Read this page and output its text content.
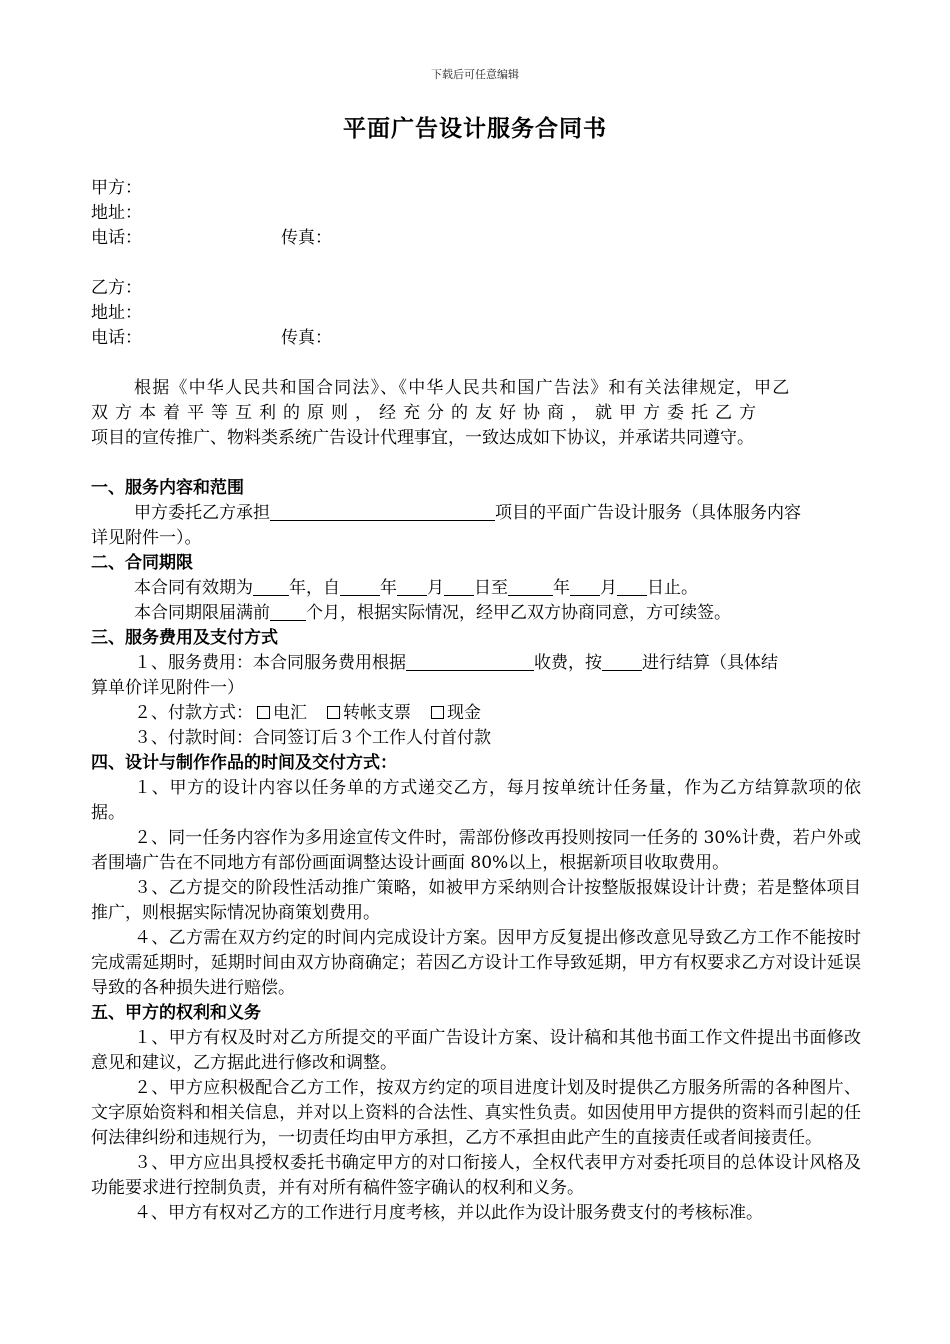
下载后可任意编辑
平面广告设计服务合同书
甲方：
地址：
电话：	传真：
乙方：
地址：
电话：	传真：
根据《中华人民共和国合同法》、《中华人民共和国广告法》和有关法律规定，甲乙
双方本着平等互利的原则，经充分的友好协商，就甲方委托乙方
项目的宣传推广、物料类系统广告设计代理事宜，一致达成如下协议，并承诺共同遵守。
一、服务内容和范围
甲方委托乙方承担	项目的平面广告设计服务（具体服务内容
详见附件一）。
二、合同期限
本合同有效期为 年，自 年 月 日至	年 月 日止。
本合同期限届满前 个月，根据实际情况，经甲乙双方协商同意，方可续签。
三、服务费用及支付方式
１、服务费用：本合同服务费用根据	收费，按 进行结算（具体结
算单价详见附件一）
２、付款方式： 电汇 转帐支票 现金
３、付款时间：合同签订后３个工作人付首付款
四、设计与制作作品的时间及交付方式：
１、甲方的设计内容以任务单的方式递交乙方，每月按单统计任务量，作为乙方结算款项的依据。
２、同一任务内容作为多用途宣传文件时，需部份修改再投则按同一任务的 30%计费，若户外或者围墙广告在不同地方有部份画面调整达设计画面 80%以上，根据新项目收取费用。
３、乙方提交的阶段性活动推广策略，如被甲方采纳则合计按整版报媒设计计费；若是整体项目推广，则根据实际情况协商策划费用。
４、乙方需在双方约定的时间内完成设计方案。因甲方反复提出修改意见导致乙方工作不能按时完成需延期时，延期时间由双方协商确定；若因乙方设计工作导致延期，甲方有权要求乙方对设计延误导致的各种损失进行赔偿。
五、甲方的权利和义务
１、甲方有权及时对乙方所提交的平面广告设计方案、设计稿和其他书面工作文件提出书面修改意见和建议，乙方据此进行修改和调整。
２、甲方应积极配合乙方工作，按双方约定的项目进度计划及时提供乙方服务所需的各种图片、文字原始资料和相关信息，并对以上资料的合法性、真实性负责。如因使用甲方提供的资料而引起的任何法律纠纷和违规行为，一切责任均由甲方承担，乙方不承担由此产生的直接责任或者间接责任。
３、甲方应出具授权委托书确定甲方的对口衔接人，全权代表甲方对委托项目的总体设计风格及功能要求进行控制负责，并有对所有稿件签字确认的权利和义务。
４、甲方有权对乙方的工作进行月度考核，并以此作为设计服务费支付的考核标准。
